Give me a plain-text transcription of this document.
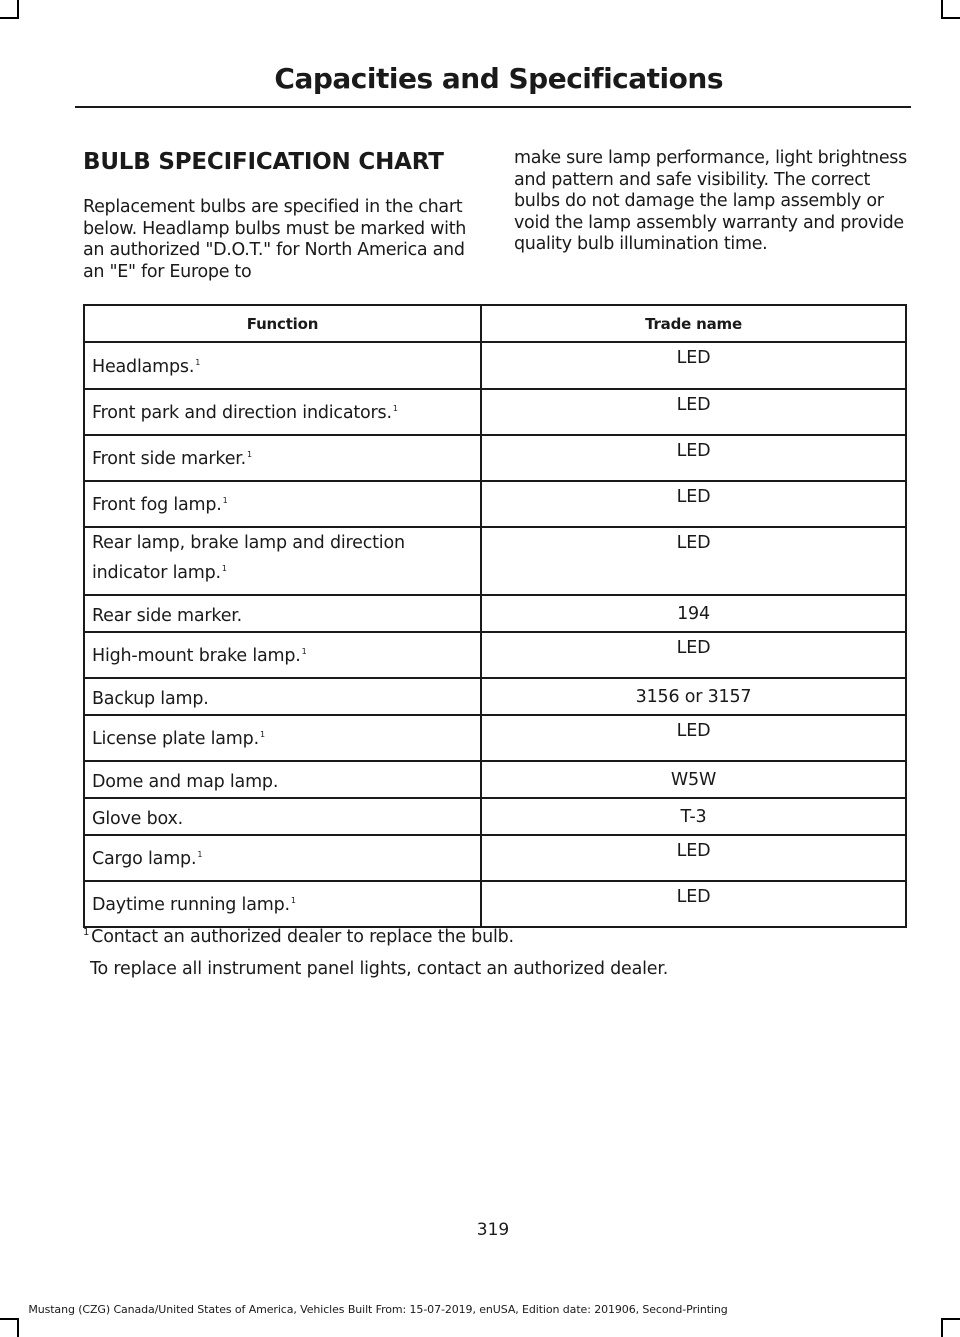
Capacities and Specifications
BULB SPECIFICATION CHART

Replacement bulbs are specified in the chart below. Headlamp bulbs must be marked with an authorized "D.O.T." for North America and an "E" for Europe to

make sure lamp performance, light brightness and pattern and safe visibility. The correct bulbs do not damage the lamp assembly or void the lamp assembly warranty and provide quality bulb illumination time.

Function	Trade name
Headlamps.$^1$	LED
Front park and direction indicators.$^1$	LED
Front side marker.$^1$	LED
Front fog lamp.$^1$	LED
Rear lamp, brake lamp and direction indicator lamp.$^1$	LED
Rear side marker.	194
High-mount brake lamp.$^1$	LED
Backup lamp.	3156 or 3157
License plate lamp.$^1$	LED
Dome and map lamp.	W5W
Glove box.	T-3
Cargo lamp.$^1$	LED
Daytime running lamp.$^1$	LED

$^1$ Contact an authorized dealer to replace the bulb.

To replace all instrument panel lights, contact an authorized dealer.

319
Mustang (CZG) Canada/United States of America, Vehicles Built From: 15-07-2019, enUSA, Edition date: 201906, Second-Printing
